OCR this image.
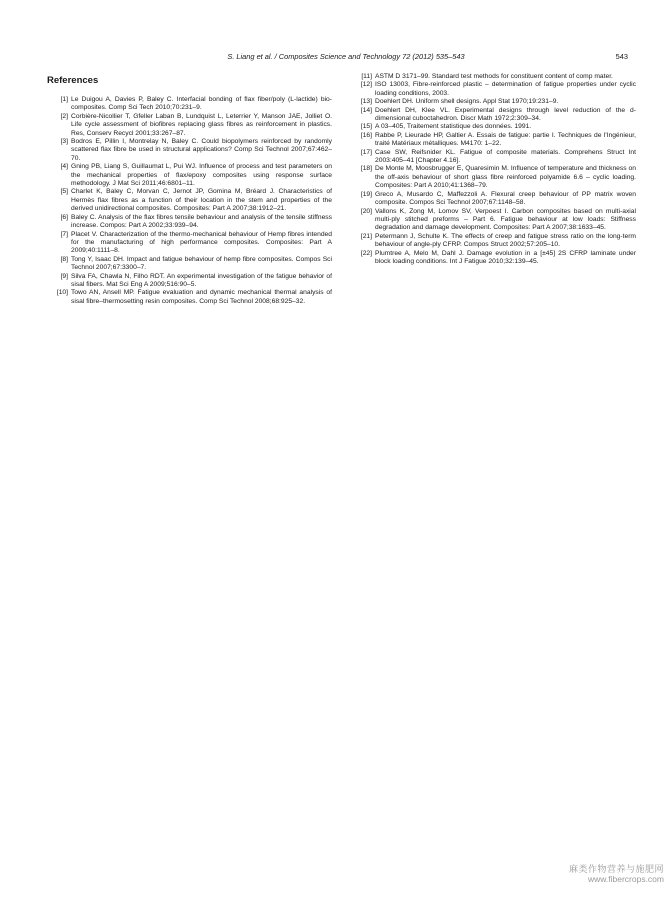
S. Liang et al. / Composites Science and Technology 72 (2012) 535–543	543
References
[1] Le Duigou A, Davies P, Baley C. Interfacial bonding of flax fiber/poly (L-lactide) bio-composites. Comp Sci Tech 2010;70:231–9.
[2] Corbière-Nicollier T, Gfeller Laban B, Lundquist L, Leterrier Y, Manson JAE, Jolliet O. Life cycle assessment of biofibres replacing glass fibres as reinforcement in plastics. Res, Conserv Recycl 2001;33:267–87.
[3] Bodros E, Pillin I, Montrelay N, Baley C. Could biopolymers reinforced by randomly scattered flax fibre be used in structural applications? Comp Sci Technol 2007;67:462–70.
[4] Gning PB, Liang S, Guillaumat L, Pui WJ. Influence of process and test parameters on the mechanical properties of flax/epoxy composites using response surface methodology. J Mat Sci 2011;46:6801–11.
[5] Charlet K, Baley C, Morvan C, Jernot JP, Gomina M, Bréard J. Characteristics of Hermès flax fibres as a function of their location in the stem and properties of the derived unidirectional composites. Composites: Part A 2007;38:1912–21.
[6] Baley C. Analysis of the flax fibres tensile behaviour and analysis of the tensile stiffness increase. Compos: Part A 2002;33:939–94.
[7] Placet V. Characterization of the thermo-mechanical behaviour of Hemp fibres intended for the manufacturing of high performance composites. Composites: Part A 2009;40:1111–8.
[8] Tong Y, Isaac DH. Impact and fatigue behaviour of hemp fibre composites. Compos Sci Technol 2007;67:3300–7.
[9] Silva FA, Chawla N, Filho RDT. An experimental investigation of the fatigue behavior of sisal fibers. Mat Sci Eng A 2009;516:90–5.
[10] Towo AN, Ansell MP. Fatigue evaluation and dynamic mechanical thermal analysis of sisal fibre–thermosetting resin composites. Comp Sci Technol 2008;68:925–32.
[11] ASTM D 3171–99. Standard test methods for constituent content of comp mater.
[12] ISO 13003, Fibre-reinforced plastic – determination of fatigue properties under cyclic loading conditions, 2003.
[13] Doehlert DH. Uniform shell designs. Appl Stat 1970;19:231–9.
[14] Doehlert DH, Klee VL. Experimental designs through level reduction of the d-dimensional cuboctahedron. Discr Math 1972;2:309–34.
[15] A 03–405, Traitement statistique des données. 1991.
[16] Rabbe P, Lieurade HP, Galtier A. Essais de fatigue: partie I. Techniques de l'Ingénieur, traité Matériaux métalliques. M4170: 1–22.
[17] Case SW, Reifsnider KL. Fatigue of composite materials. Comprehens Struct Int 2003:405–41 [Chapter 4.16].
[18] De Monte M, Moosbrugger E, Quaresimin M. Influence of temperature and thickness on the off-axis behaviour of short glass fibre reinforced polyamide 6.6 – cyclic loading. Composites: Part A 2010;41:1368–79.
[19] Greco A, Musardo C, Maffezzoli A. Flexural creep behaviour of PP matrix woven composite. Compos Sci Technol 2007;67:1148–58.
[20] Vallons K, Zong M, Lomov SV, Verpoest I. Carbon composites based on multi-axial multi-ply stitched preforms – Part 6. Fatigue behaviour at low loads: Stiffness degradation and damage development. Composites: Part A 2007;38:1633–45.
[21] Petermann J, Schulte K. The effects of creep and fatigue stress ratio on the long-term behaviour of angle-ply CFRP. Compos Struct 2002;57:205–10.
[22] Plumtree A, Melo M, Dahl J. Damage evolution in a [±45] 2S CFRP laminate under block loading conditions. Int J Fatigue 2010;32:139–45.
麻类作物营养与施肥网
www.fibercrops.com
